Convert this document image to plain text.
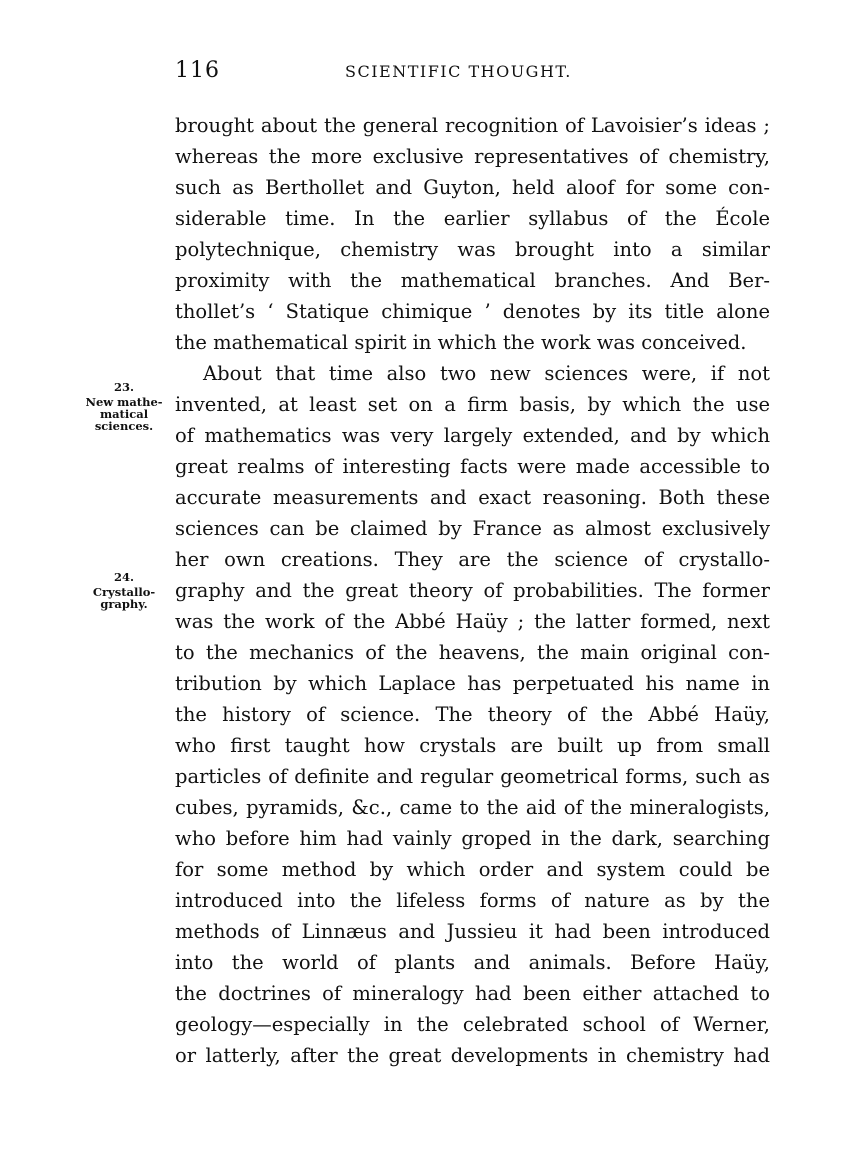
116	SCIENTIFIC THOUGHT.
23.
New mathe-
matical
sciences.
24.
Crystallo-
graphy.
brought about the general recognition of Lavoisier’s ideas ;
whereas the more exclusive representatives of chemistry,
such as Berthollet and Guyton, held aloof for some con-
siderable time. In the earlier syllabus of the École
polytechnique, chemistry was brought into a similar
proximity with the mathematical branches. And Ber-
thollet’s ‘ Statique chimique ’ denotes by its title alone
the mathematical spirit in which the work was conceived.
About that time also two new sciences were, if not
invented, at least set on a firm basis, by which the use
of mathematics was very largely extended, and by which
great realms of interesting facts were made accessible to
accurate measurements and exact reasoning. Both these
sciences can be claimed by France as almost exclusively
her own creations. They are the science of crystallo-
graphy and the great theory of probabilities. The former
was the work of the Abbé Haüy ; the latter formed, next
to the mechanics of the heavens, the main original con-
tribution by which Laplace has perpetuated his name in
the history of science. The theory of the Abbé Haüy,
who first taught how crystals are built up from small
particles of definite and regular geometrical forms, such as
cubes, pyramids, &c., came to the aid of the mineralogists,
who before him had vainly groped in the dark, searching
for some method by which order and system could be
introduced into the lifeless forms of nature as by the
methods of Linnæus and Jussieu it had been introduced
into the world of plants and animals. Before Haüy,
the doctrines of mineralogy had been either attached to
geology—especially in the celebrated school of Werner,
or latterly, after the great developments in chemistry had
